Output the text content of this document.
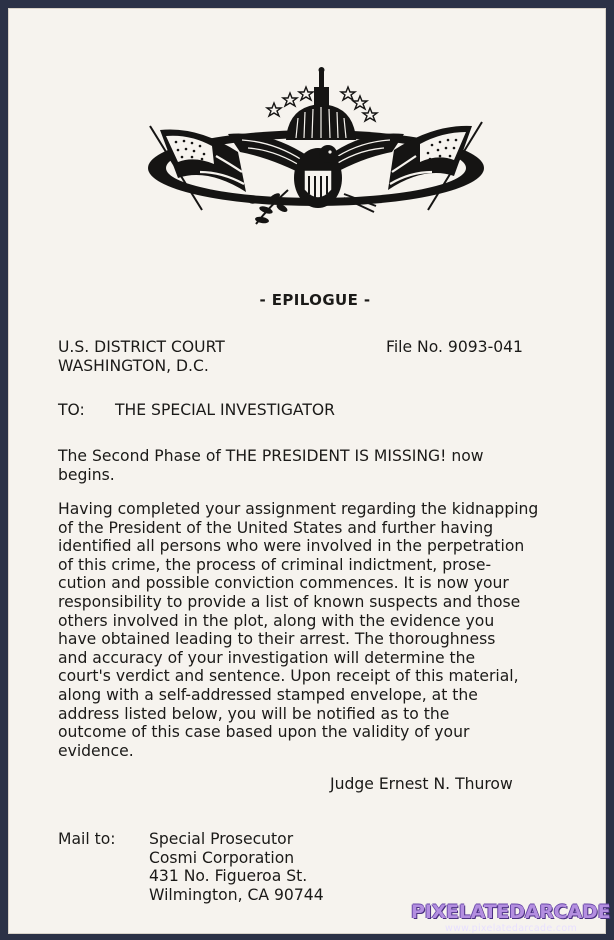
- EPILOGUE -
U.S. DISTRICT COURT
WASHINGTON, D.C.
File No. 9093-041
TO: THE SPECIAL INVESTIGATOR
The Second Phase of THE PRESIDENT IS MISSING! now
begins.
Having completed your assignment regarding the kidnapping
of the President of the United States and further having
identified all persons who were involved in the perpetration
of this crime, the process of criminal indictment, prose-
cution and possible conviction commences. It is now your
responsibility to provide a list of known suspects and those
others involved in the plot, along with the evidence you
have obtained leading to their arrest. The thoroughness
and accuracy of your investigation will determine the
court's verdict and sentence. Upon receipt of this material,
along with a self-addressed stamped envelope, at the
address listed below, you will be notified as to the
outcome of this case based upon the validity of your
evidence.
Judge Ernest N. Thurow
Mail to: Special Prosecutor
Cosmi Corporation
431 No. Figueroa St.
Wilmington, CA 90744
PIXELATEDARCADE
www.pixelatedarcade.com
